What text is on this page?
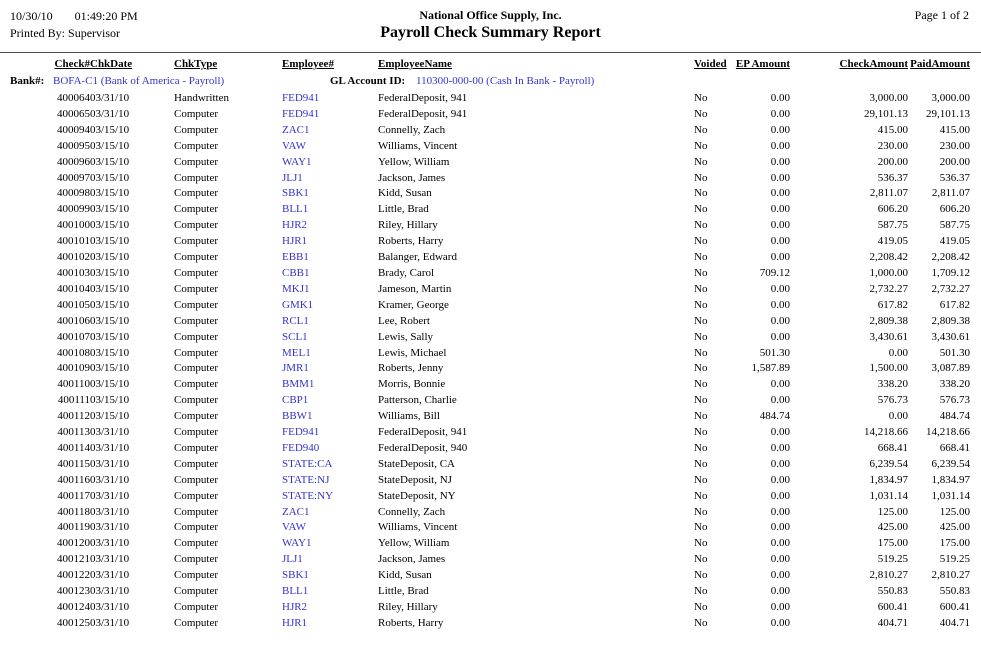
10/30/10 01:49:20 PM
Printed By: Supervisor
National Office Supply, Inc.
Payroll Check Summary Report
Page 1 of 2
Check#	ChkDate	ChkType	Employee#	EmployeeName	Voided	EP Amount	CheckAmount	PaidAmount

Bank#: BOFA-C1 (Bank of America - Payroll) GL Account ID: 110300-000-00 (Cash In Bank - Payroll)								

400064	03/31/10	Handwritten	FED941	FederalDeposit, 941	No	0.00	3,000.00	3,000.00
400065	03/31/10	Computer	FED941	FederalDeposit, 941	No	0.00	29,101.13	29,101.13
400094	03/15/10	Computer	ZAC1	Connelly, Zach	No	0.00	415.00	415.00
400095	03/15/10	Computer	VAW	Williams, Vincent	No	0.00	230.00	230.00
400096	03/15/10	Computer	WAY1	Yellow, William	No	0.00	200.00	200.00
400097	03/15/10	Computer	JLJ1	Jackson, James	No	0.00	536.37	536.37
400098	03/15/10	Computer	SBK1	Kidd, Susan	No	0.00	2,811.07	2,811.07
400099	03/15/10	Computer	BLL1	Little, Brad	No	0.00	606.20	606.20
400100	03/15/10	Computer	HJR2	Riley, Hillary	No	0.00	587.75	587.75
400101	03/15/10	Computer	HJR1	Roberts, Harry	No	0.00	419.05	419.05
400102	03/15/10	Computer	EBB1	Balanger, Edward	No	0.00	2,208.42	2,208.42
400103	03/15/10	Computer	CBB1	Brady, Carol	No	709.12	1,000.00	1,709.12
400104	03/15/10	Computer	MKJ1	Jameson, Martin	No	0.00	2,732.27	2,732.27
400105	03/15/10	Computer	GMK1	Kramer, George	No	0.00	617.82	617.82
400106	03/15/10	Computer	RCL1	Lee, Robert	No	0.00	2,809.38	2,809.38
400107	03/15/10	Computer	SCL1	Lewis, Sally	No	0.00	3,430.61	3,430.61
400108	03/15/10	Computer	MEL1	Lewis, Michael	No	501.30	0.00	501.30
400109	03/15/10	Computer	JMR1	Roberts, Jenny	No	1,587.89	1,500.00	3,087.89
400110	03/15/10	Computer	BMM1	Morris, Bonnie	No	0.00	338.20	338.20
400111	03/15/10	Computer	CBP1	Patterson, Charlie	No	0.00	576.73	576.73
400112	03/15/10	Computer	BBW1	Williams, Bill	No	484.74	0.00	484.74
400113	03/31/10	Computer	FED941	FederalDeposit, 941	No	0.00	14,218.66	14,218.66
400114	03/31/10	Computer	FED940	FederalDeposit, 940	No	0.00	668.41	668.41
400115	03/31/10	Computer	STATE:CA	StateDeposit, CA	No	0.00	6,239.54	6,239.54
400116	03/31/10	Computer	STATE:NJ	StateDeposit, NJ	No	0.00	1,834.97	1,834.97
400117	03/31/10	Computer	STATE:NY	StateDeposit, NY	No	0.00	1,031.14	1,031.14
400118	03/31/10	Computer	ZAC1	Connelly, Zach	No	0.00	125.00	125.00
400119	03/31/10	Computer	VAW	Williams, Vincent	No	0.00	425.00	425.00
400120	03/31/10	Computer	WAY1	Yellow, William	No	0.00	175.00	175.00
400121	03/31/10	Computer	JLJ1	Jackson, James	No	0.00	519.25	519.25
400122	03/31/10	Computer	SBK1	Kidd, Susan	No	0.00	2,810.27	2,810.27
400123	03/31/10	Computer	BLL1	Little, Brad	No	0.00	550.83	550.83
400124	03/31/10	Computer	HJR2	Riley, Hillary	No	0.00	600.41	600.41
400125	03/31/10	Computer	HJR1	Roberts, Harry	No	0.00	404.71	404.71
